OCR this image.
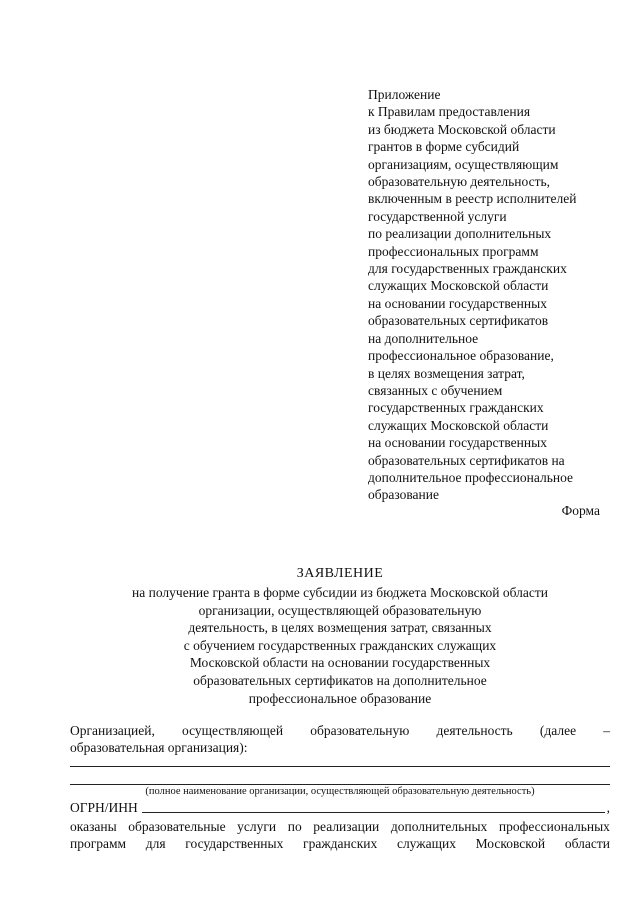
Приложение
к Правилам предоставления
из бюджета Московской области
грантов в форме субсидий
организациям, осуществляющим
образовательную деятельность,
включенным в реестр исполнителей
государственной услуги
по реализации дополнительных
профессиональных программ
для государственных гражданских
служащих Московской области
на основании государственных
образовательных сертификатов
на дополнительное
профессиональное образование,
в целях возмещения затрат,
связанных с обучением
государственных гражданских
служащих Московской области
на основании государственных
образовательных сертификатов на
дополнительное профессиональное
образование
Форма
ЗАЯВЛЕНИЕ
на получение гранта в форме субсидии из бюджета Московской области
организации, осуществляющей образовательную
деятельность, в целях возмещения затрат, связанных
с обучением государственных гражданских служащих
Московской области на основании государственных
образовательных сертификатов на дополнительное
профессиональное образование
Организацией, осуществляющей образовательную деятельность (далее –
образовательная организация):
(полное наименование организации, осуществляющей образовательную деятельность)
ОГРН/ИНН	,
оказаны образовательные услуги по реализации дополнительных профессиональных
программ для государственных гражданских служащих Московской области
